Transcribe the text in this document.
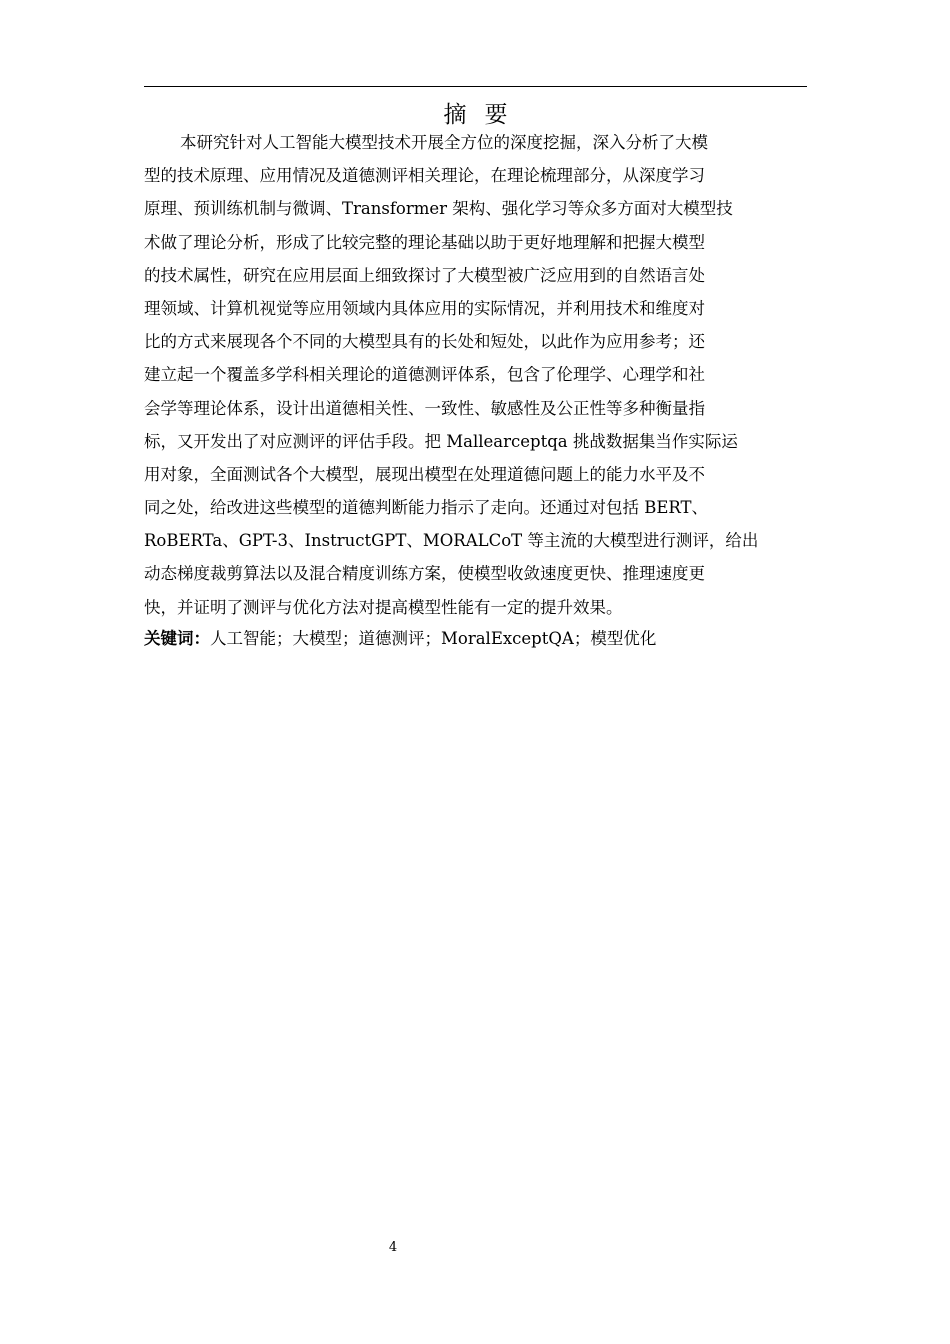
摘要
本研究针对人工智能大模型技术开展全方位的深度挖掘，深入分析了大模
型的技术原理、应用情况及道德测评相关理论，在理论梳理部分，从深度学习
原理、预训练机制与微调、Transformer 架构、强化学习等众多方面对大模型技
术做了理论分析，形成了比较完整的理论基础以助于更好地理解和把握大模型
的技术属性，研究在应用层面上细致探讨了大模型被广泛应用到的自然语言处
理领域、计算机视觉等应用领域内具体应用的实际情况，并利用技术和维度对
比的方式来展现各个不同的大模型具有的长处和短处，以此作为应用参考；还
建立起一个覆盖多学科相关理论的道德测评体系，包含了伦理学、心理学和社
会学等理论体系，设计出道德相关性、一致性、敏感性及公正性等多种衡量指
标，又开发出了对应测评的评估手段。把 Mallearceptqa 挑战数据集当作实际运
用对象，全面测试各个大模型，展现出模型在处理道德问题上的能力水平及不
同之处，给改进这些模型的道德判断能力指示了走向。还通过对包括 BERT、
RoBERTa、GPT-3、InstructGPT、MORALCoT 等主流的大模型进行测评，给出
动态梯度裁剪算法以及混合精度训练方案，使模型收敛速度更快、推理速度更
快，并证明了测评与优化方法对提高模型性能有一定的提升效果。
关键词：人工智能；大模型；道德测评；MoralExceptQA；模型优化
4
